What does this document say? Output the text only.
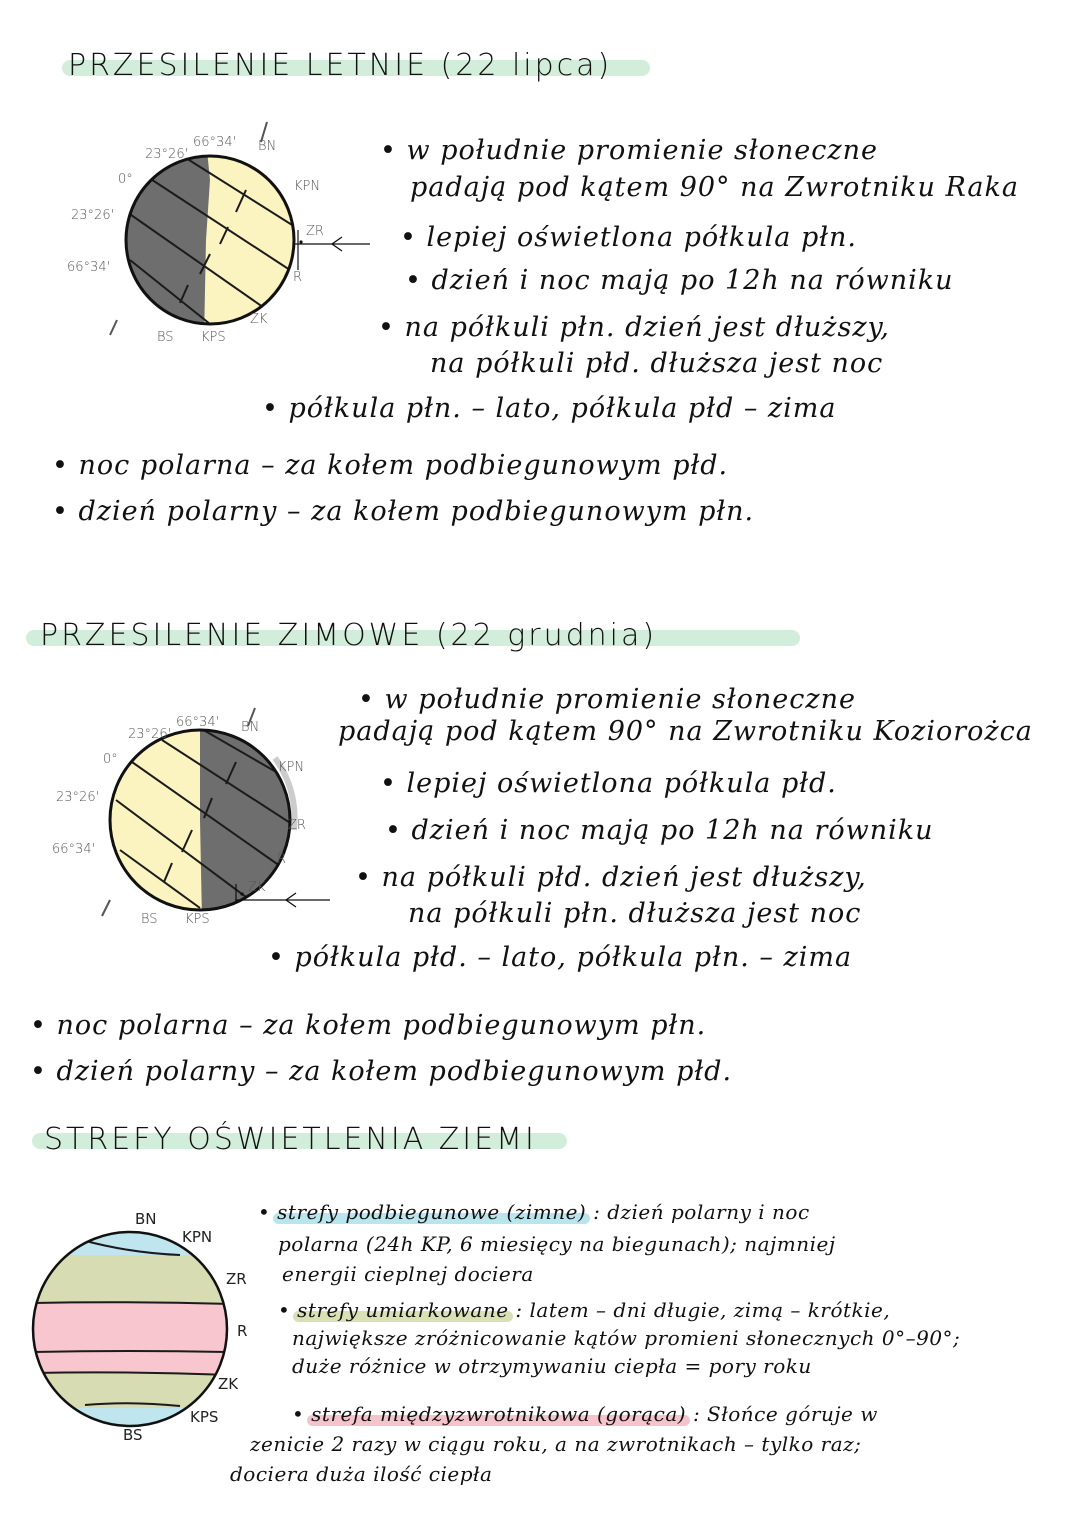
PRZESILENIE LETNIE (22 lipca)
23°26'
66°34'
0°
23°26'
66°34'
BN
KPN
ZR
R
ZK
BS KPS
• w południe promienie słoneczne
padają pod kątem 90° na Zwrotniku Raka
• lepiej oświetlona półkula płn.
• dzień i noc mają po 12h na równiku
• na półkuli płn. dzień jest dłuższy,
na półkuli płd. dłuższa jest noc
• półkula płn. – lato, półkula płd – zima
• noc polarna – za kołem podbiegunowym płd.
• dzień polarny – za kołem podbiegunowym płn.
PRZESILENIE ZIMOWE (22 grudnia)
23°26'
66°34'
0°
23°26'
66°34'
BN
KPN
ZR
R
ZK
BS KPS
• w południe promienie słoneczne
padają pod kątem 90° na Zwrotniku Koziorożca
• lepiej oświetlona półkula płd.
• dzień i noc mają po 12h na równiku
• na półkuli płd. dzień jest dłuższy,
na półkuli płn. dłuższa jest noc
• półkula płd. – lato, półkula płn. – zima
• noc polarna – za kołem podbiegunowym płn.
• dzień polarny – za kołem podbiegunowym płd.
STREFY OŚWIETLENIA ZIEMI
BN
KPN
ZR
R
ZK
KPS
BS
• strefy podbiegunowe (zimne) : dzień polarny i noc
polarna (24h KP, 6 miesięcy na biegunach); najmniej
energii cieplnej dociera
• strefy umiarkowane : latem – dni długie, zimą – krótkie,
największe zróżnicowanie kątów promieni słonecznych 0°–90°;
duże różnice w otrzymywaniu ciepła = pory roku
• strefa międzyzwrotnikowa (gorąca) : Słońce góruje w
zenicie 2 razy w ciągu roku, a na zwrotnikach – tylko raz;
dociera duża ilość ciepła
